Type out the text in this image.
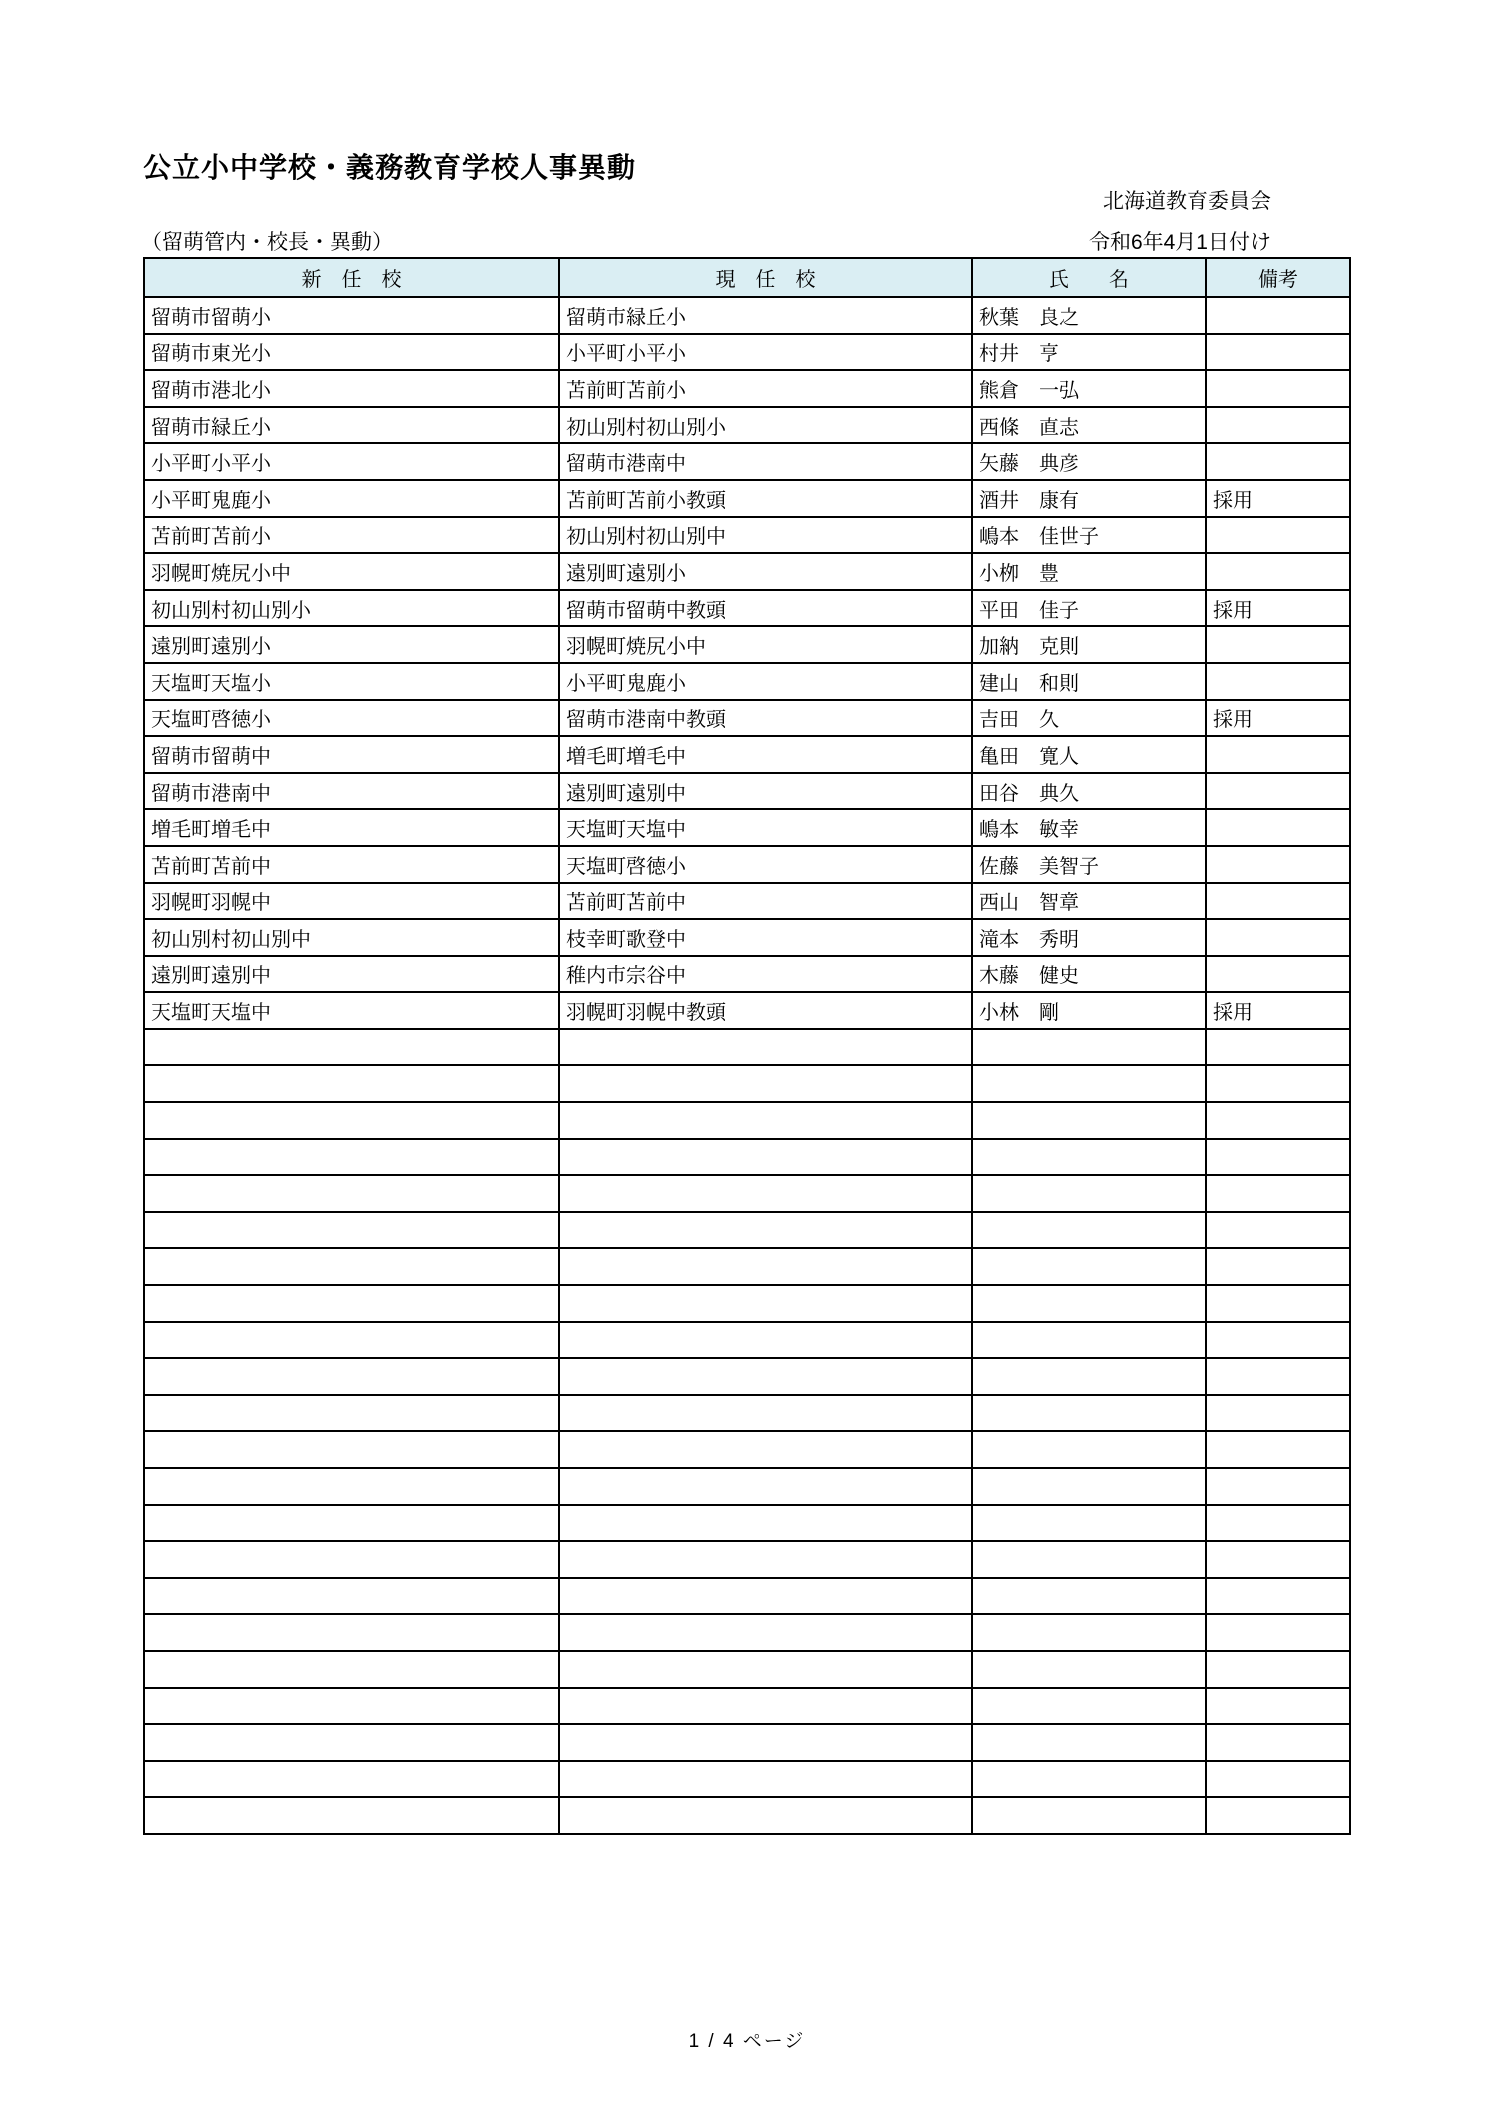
公立小中学校・義務教育学校人事異動
北海道教育委員会
（留萌管内・校長・異動）	令和6年4月1日付け
新　任　校	現　任　校	氏　　名	備考
留萌市留萌小	留萌市緑丘小	秋葉　良之	
留萌市東光小	小平町小平小	村井　亨	
留萌市港北小	苫前町苫前小	熊倉　一弘	
留萌市緑丘小	初山別村初山別小	西條　直志	
小平町小平小	留萌市港南中	矢藤　典彦	
小平町鬼鹿小	苫前町苫前小教頭	酒井　康有	採用
苫前町苫前小	初山別村初山別中	嶋本　佳世子	
羽幌町焼尻小中	遠別町遠別小	小栁　豊	
初山別村初山別小	留萌市留萌中教頭	平田　佳子	採用
遠別町遠別小	羽幌町焼尻小中	加納　克則	
天塩町天塩小	小平町鬼鹿小	建山　和則	
天塩町啓徳小	留萌市港南中教頭	吉田　久	採用
留萌市留萌中	増毛町増毛中	亀田　寛人	
留萌市港南中	遠別町遠別中	田谷　典久	
増毛町増毛中	天塩町天塩中	嶋本　敏幸	
苫前町苫前中	天塩町啓徳小	佐藤　美智子	
羽幌町羽幌中	苫前町苫前中	西山　智章	
初山別村初山別中	枝幸町歌登中	滝本　秀明	
遠別町遠別中	稚内市宗谷中	木藤　健史	
天塩町天塩中	羽幌町羽幌中教頭	小林　剛	採用

1 / 4 ページ
